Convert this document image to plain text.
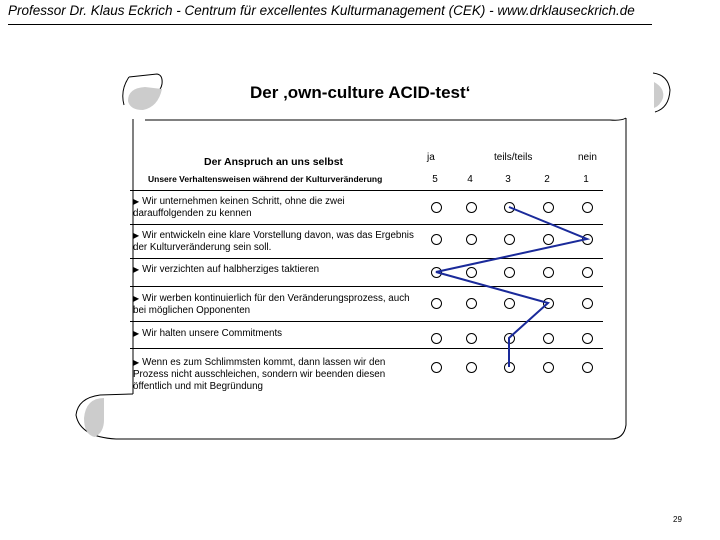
Professor Dr. Klaus Eckrich - Centrum für excellentes Kulturmanagement (CEK) - www.drklauseckrich.de
Der ‚own-culture ACID-test‘
Der Anspruch an uns selbst
Unsere Verhaltensweisen während der Kulturveränderung
ja	teils/teils	nein
5	4	3	2	1
▶ Wir unternehmen keinen Schritt, ohne die zwei darauffolgenden zu kennen
▶ Wir entwickeln eine klare Vorstellung davon, was das Ergebnis der Kulturveränderung sein soll.
▶ Wir verzichten auf halbherziges taktieren
▶ Wir werben kontinuierlich für den Veränderungsprozess, auch bei möglichen Opponenten
▶ Wir halten unsere Commitments
▶ Wenn es zum Schlimmsten kommt, dann lassen wir den Prozess nicht ausschleichen, sondern wir beenden diesen öffentlich und mit Begründung
29
